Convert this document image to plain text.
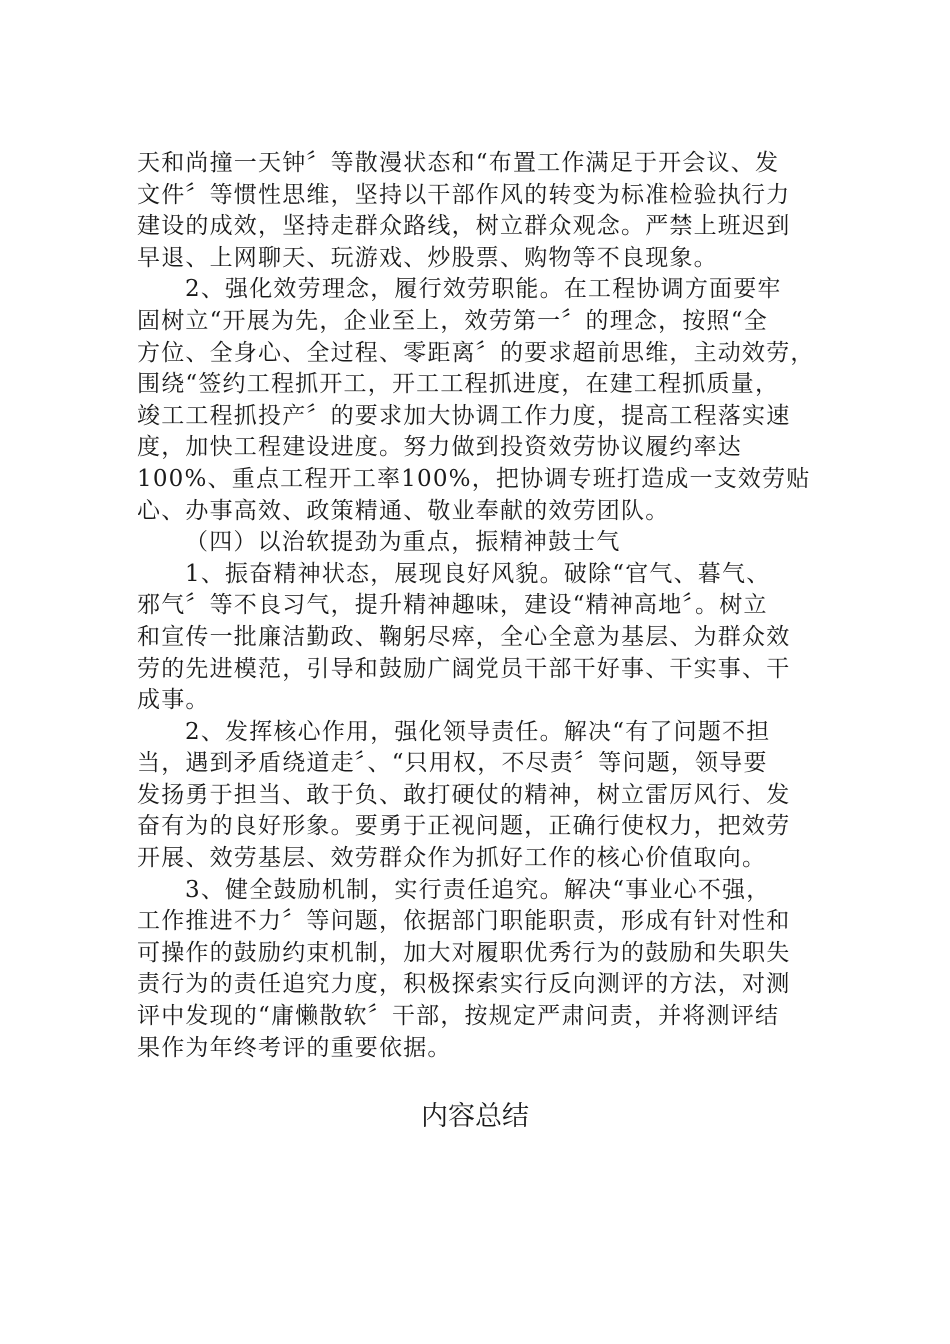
天和尚撞一天钟〞等散漫状态和“布置工作满足于开会议、发
文件〞等惯性思维，坚持以干部作风的转变为标准检验执行力
建设的成效，坚持走群众路线，树立群众观念。严禁上班迟到
早退、上网聊天、玩游戏、炒股票、购物等不良现象。
2、强化效劳理念，履行效劳职能。在工程协调方面要牢
固树立“开展为先，企业至上，效劳第一〞的理念，按照“全
方位、全身心、全过程、零距离〞的要求超前思维，主动效劳，
围绕“签约工程抓开工，开工工程抓进度，在建工程抓质量，
竣工工程抓投产〞的要求加大协调工作力度，提高工程落实速
度，加快工程建设进度。努力做到投资效劳协议履约率达
100%、重点工程开工率100%，把协调专班打造成一支效劳贴
心、办事高效、政策精通、敬业奉献的效劳团队。
（四）以治软提劲为重点，振精神鼓士气
1、振奋精神状态，展现良好风貌。破除“官气、暮气、
邪气〞等不良习气，提升精神趣味，建设“精神高地〞。树立
和宣传一批廉洁勤政、鞠躬尽瘁，全心全意为基层、为群众效
劳的先进模范，引导和鼓励广阔党员干部干好事、干实事、干
成事。
2、发挥核心作用，强化领导责任。解决“有了问题不担
当，遇到矛盾绕道走〞、“只用权，不尽责〞等问题，领导要
发扬勇于担当、敢于负、敢打硬仗的精神，树立雷厉风行、发
奋有为的良好形象。要勇于正视问题，正确行使权力，把效劳
开展、效劳基层、效劳群众作为抓好工作的核心价值取向。
3、健全鼓励机制，实行责任追究。解决“事业心不强，
工作推进不力〞等问题，依据部门职能职责，形成有针对性和
可操作的鼓励约束机制，加大对履职优秀行为的鼓励和失职失
责行为的责任追究力度，积极探索实行反向测评的方法，对测
评中发现的“庸懒散软〞干部，按规定严肃问责，并将测评结
果作为年终考评的重要依据。
内容总结
